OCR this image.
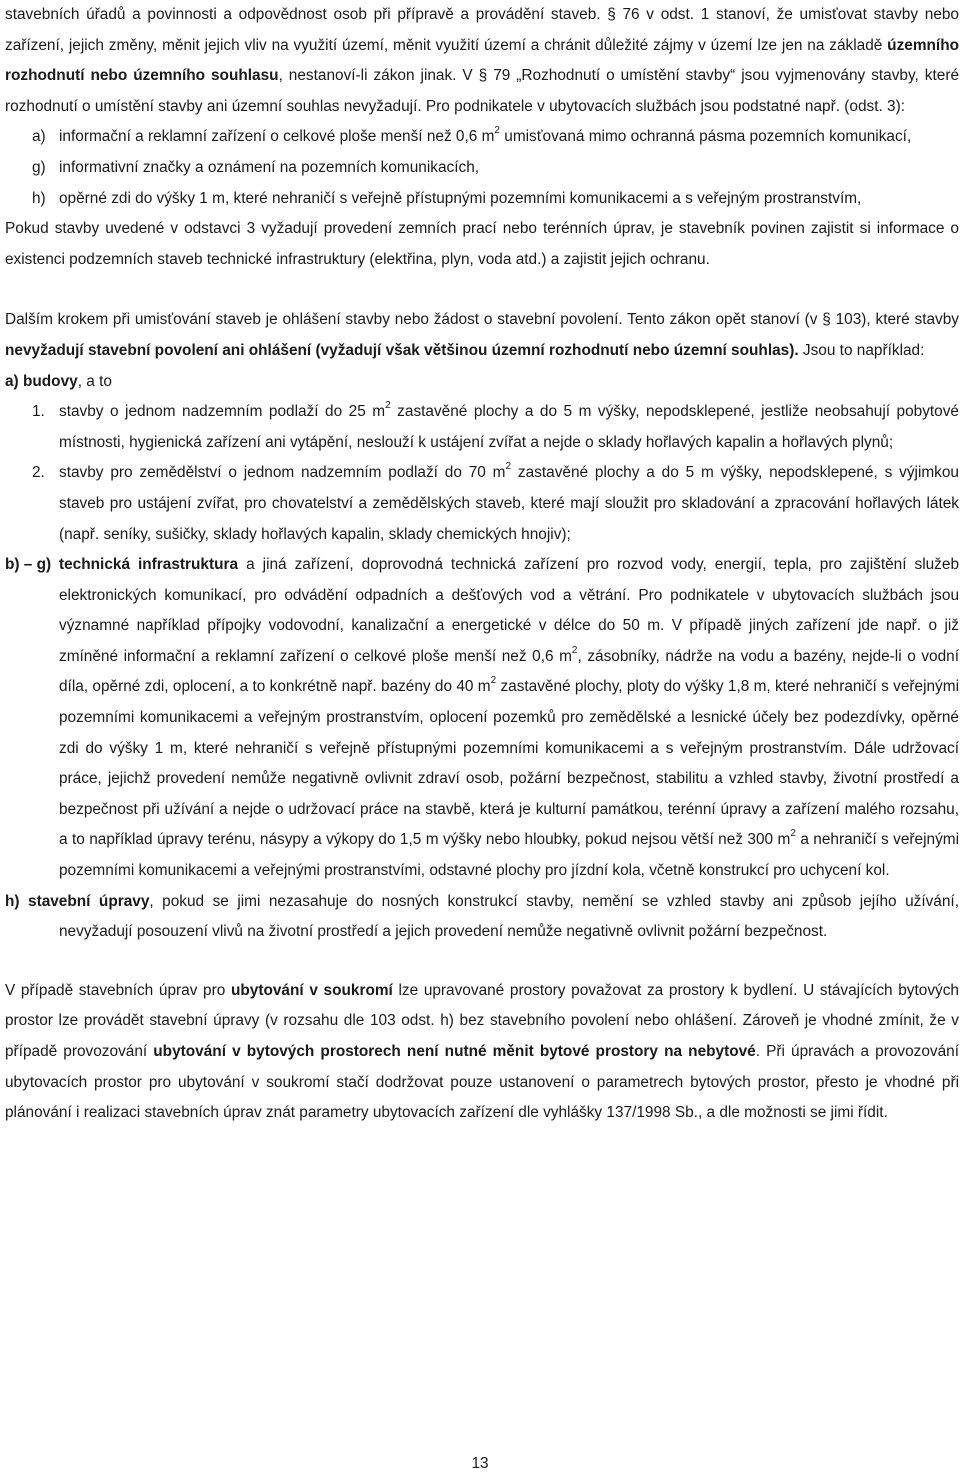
stavebních úřadů a povinnosti a odpovědnost osob při přípravě a provádění staveb. § 76 v odst. 1 stanoví, že umisťovat stavby nebo zařízení, jejich změny, měnit jejich vliv na využití území, měnit využití území a chránit důležité zájmy v území lze jen na základě územního rozhodnutí nebo územního souhlasu, nestanoví-li zákon jinak. V § 79 „Rozhodnutí o umístění stavby“ jsou vyjmenovány stavby, které rozhodnutí o umístění stavby ani územní souhlas nevyžadují. Pro podnikatele v ubytovacích službách jsou podstatné např. (odst. 3):

a) informační a reklamní zařízení o celkové ploše menší než 0,6 $m^2$ umisťovaná mimo ochranná pásma pozemních komunikací,

g) informativní značky a oznámení na pozemních komunikacích,

h) opěrné zdi do výšky 1 m, které nehraničí s veřejně přístupnými pozemními komunikacemi a s veřejným prostranstvím,

Pokud stavby uvedené v odstavci 3 vyžadují provedení zemních prací nebo terénních úprav, je stavebník povinen zajistit si informace o existenci podzemních staveb technické infrastruktury (elektřina, plyn, voda atd.) a zajistit jejich ochranu.

Dalším krokem při umisťování staveb je ohlášení stavby nebo žádost o stavební povolení. Tento zákon opět stanoví (v § 103), které stavby nevyžadují stavební povolení ani ohlášení (vyžadují však většinou územní rozhodnutí nebo územní souhlas). Jsou to například:

a) budovy, a to

1. stavby o jednom nadzemním podlaží do 25 $m^2$ zastavěné plochy a do 5 m výšky, nepodsklepené, jestliže neobsahují pobytové místnosti, hygienická zařízení ani vytápění, neslouží k ustájení zvířat a nejde o sklady hořlavých kapalin a hořlavých plynů;

2. stavby pro zemědělství o jednom nadzemním podlaží do 70 $m^2$ zastavěné plochy a do 5 m výšky, nepodsklepené, s výjimkou staveb pro ustájení zvířat, pro chovatelství a zemědělských staveb, které mají sloužit pro skladování a zpracování hořlavých látek (např. seníky, sušičky, sklady hořlavých kapalin, sklady chemických hnojiv);

b) – g) technická infrastruktura a jiná zařízení, doprovodná technická zařízení pro rozvod vody, energií, tepla, pro zajištění služeb elektronických komunikací, pro odvádění odpadních a dešťových vod a větrání. Pro podnikatele v ubytovacích službách jsou významné například přípojky vodovodní, kanalizační a energetické v délce do 50 m. V případě jiných zařízení jde např. o již zmíněné informační a reklamní zařízení o celkové ploše menší než 0,6 $m^2$, zásobníky, nádrže na vodu a bazény, nejde-li o vodní díla, opěrné zdi, oplocení, a to konkrétně např. bazény do 40 $m^2$ zastavěné plochy, ploty do výšky 1,8 m, které nehraničí s veřejnými pozemními komunikacemi a veřejným prostranstvím, oplocení pozemků pro zemědělské a lesnické účely bez podezdívky, opěrné zdi do výšky 1 m, které nehraničí s veřejně přístupnými pozemními komunikacemi a s veřejným prostranstvím. Dále udržovací práce, jejichž provedení nemůže negativně ovlivnit zdraví osob, požární bezpečnost, stabilitu a vzhled stavby, životní prostředí a bezpečnost při užívání a nejde o udržovací práce na stavbě, která je kulturní památkou, terénní úpravy a zařízení malého rozsahu, a to například úpravy terénu, násypy a výkopy do 1,5 m výšky nebo hloubky, pokud nejsou větší než 300 $m^2$ a nehraničí s veřejnými pozemními komunikacemi a veřejnými prostranstvími, odstavné plochy pro jízdní kola, včetně konstrukcí pro uchycení kol.

h) stavební úpravy, pokud se jimi nezasahuje do nosných konstrukcí stavby, nemění se vzhled stavby ani způsob jejího užívání, nevyžadují posouzení vlivů na životní prostředí a jejich provedení nemůže negativně ovlivnit požární bezpečnost.

V případě stavebních úprav pro ubytování v soukromí lze upravované prostory považovat za prostory k bydlení. U stávajících bytových prostor lze provádět stavební úpravy (v rozsahu dle 103 odst. h) bez stavebního povolení nebo ohlášení. Zároveň je vhodné zmínit, že v případě provozování ubytování v bytových prostorech není nutné měnit bytové prostory na nebytové. Při úpravách a provozování ubytovacích prostor pro ubytování v soukromí stačí dodržovat pouze ustanovení o parametrech bytových prostor, přesto je vhodné při plánování i realizaci stavebních úprav znát parametry ubytovacích zařízení dle vyhlášky 137/1998 Sb., a dle možnosti se jimi řídit.

13
